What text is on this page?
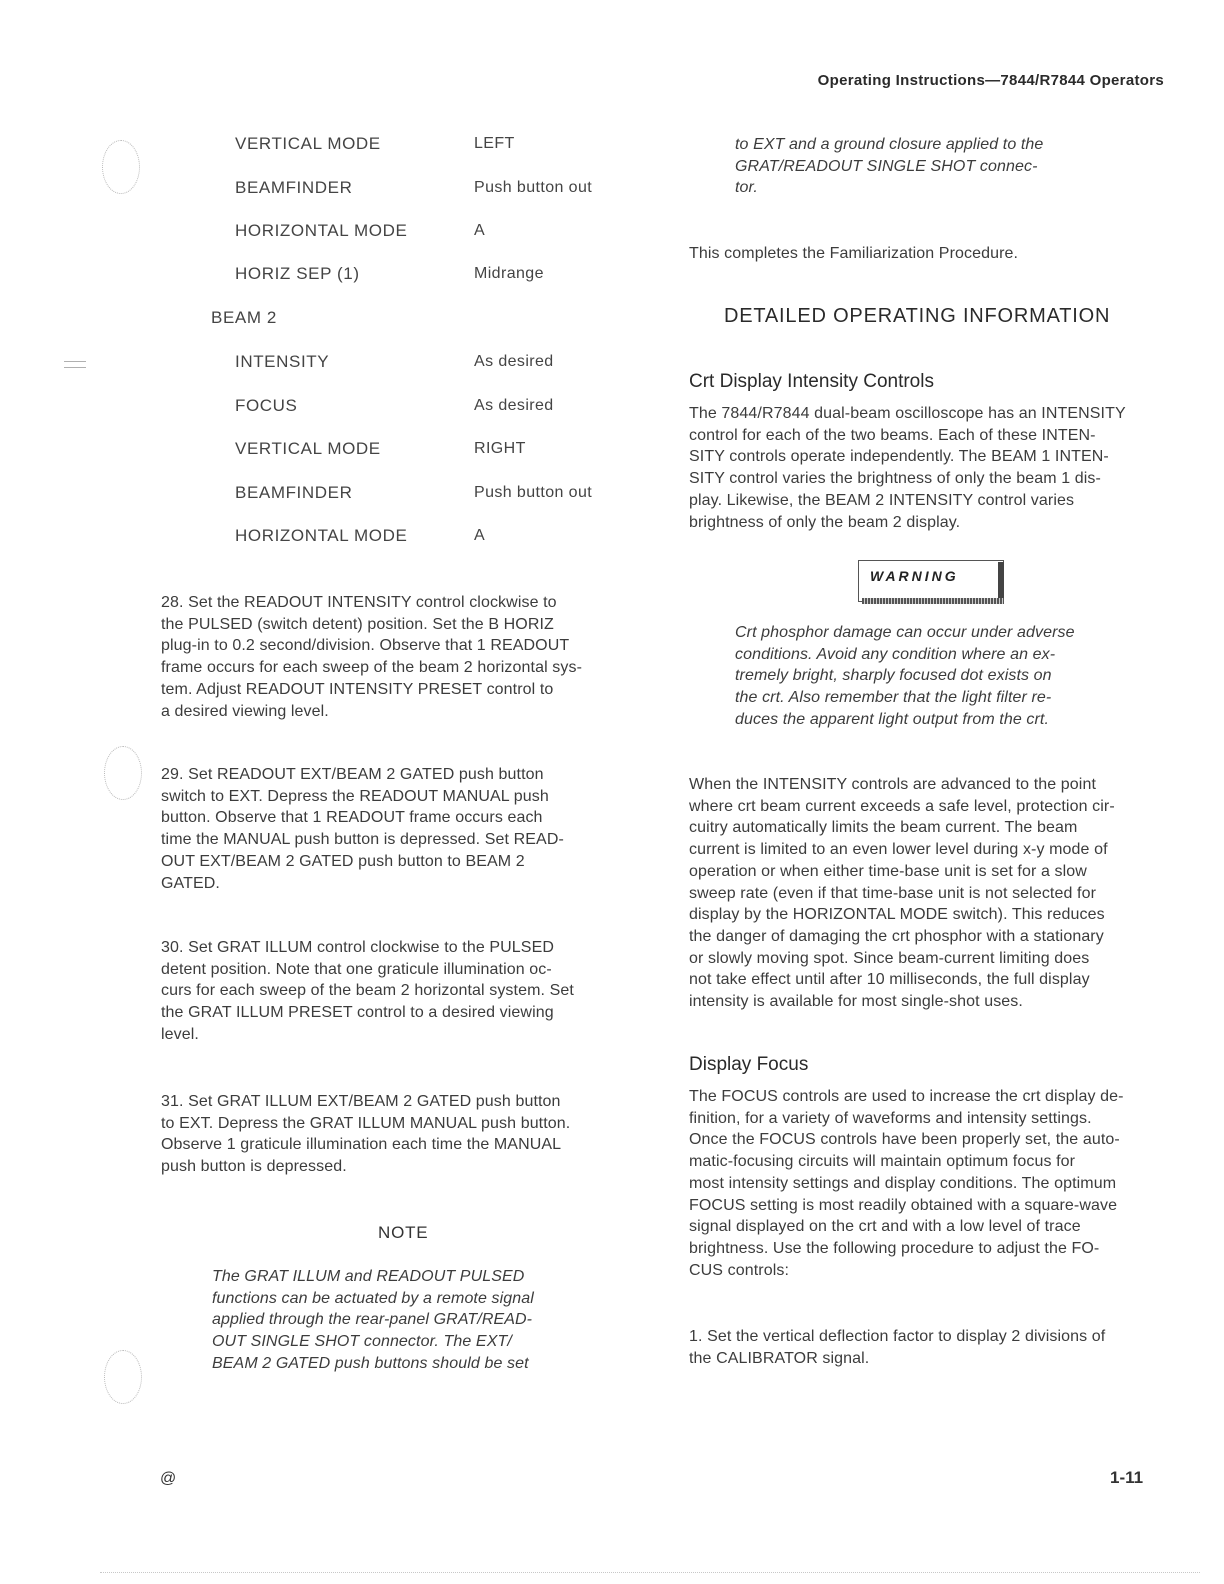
Operating Instructions—7844/R7844 Operators
VERTICAL MODE	LEFT
BEAMFINDER	Push button out
HORIZONTAL MODE	A
HORIZ SEP (1)	Midrange
BEAM 2
INTENSITY	As desired
FOCUS	As desired
VERTICAL MODE	RIGHT
BEAMFINDER	Push button out
HORIZONTAL MODE	A
28. Set the READOUT INTENSITY control clockwise to
the PULSED (switch detent) position. Set the B HORIZ
plug-in to 0.2 second/division. Observe that 1 READOUT
frame occurs for each sweep of the beam 2 horizontal sys-
tem. Adjust READOUT INTENSITY PRESET control to
a desired viewing level.
29. Set READOUT EXT/BEAM 2 GATED push button
switch to EXT. Depress the READOUT MANUAL push
button. Observe that 1 READOUT frame occurs each
time the MANUAL push button is depressed. Set READ-
OUT EXT/BEAM 2 GATED push button to BEAM 2
GATED.
30. Set GRAT ILLUM control clockwise to the PULSED
detent position. Note that one graticule illumination oc-
curs for each sweep of the beam 2 horizontal system. Set
the GRAT ILLUM PRESET control to a desired viewing
level.
31. Set GRAT ILLUM EXT/BEAM 2 GATED push button
to EXT. Depress the GRAT ILLUM MANUAL push button.
Observe 1 graticule illumination each time the MANUAL
push button is depressed.
NOTE
The GRAT ILLUM and READOUT PULSED
functions can be actuated by a remote signal
applied through the rear-panel GRAT/READ-
OUT SINGLE SHOT connector. The EXT/
BEAM 2 GATED push buttons should be set
to EXT and a ground closure applied to the
GRAT/READOUT SINGLE SHOT connec-
tor.
This completes the Familiarization Procedure.
DETAILED OPERATING INFORMATION
Crt Display Intensity Controls
The 7844/R7844 dual-beam oscilloscope has an INTENSITY
control for each of the two beams. Each of these INTEN-
SITY controls operate independently. The BEAM 1 INTEN-
SITY control varies the brightness of only the beam 1 dis-
play. Likewise, the BEAM 2 INTENSITY control varies
brightness of only the beam 2 display.
WARNING
Crt phosphor damage can occur under adverse
conditions. Avoid any condition where an ex-
tremely bright, sharply focused dot exists on
the crt. Also remember that the light filter re-
duces the apparent light output from the crt.
When the INTENSITY controls are advanced to the point
where crt beam current exceeds a safe level, protection cir-
cuitry automatically limits the beam current. The beam
current is limited to an even lower level during x-y mode of
operation or when either time-base unit is set for a slow
sweep rate (even if that time-base unit is not selected for
display by the HORIZONTAL MODE switch). This reduces
the danger of damaging the crt phosphor with a stationary
or slowly moving spot. Since beam-current limiting does
not take effect until after 10 milliseconds, the full display
intensity is available for most single-shot uses.
Display Focus
The FOCUS controls are used to increase the crt display de-
finition, for a variety of waveforms and intensity settings.
Once the FOCUS controls have been properly set, the auto-
matic-focusing circuits will maintain optimum focus for
most intensity settings and display conditions. The optimum
FOCUS setting is most readily obtained with a square-wave
signal displayed on the crt and with a low level of trace
brightness. Use the following procedure to adjust the FO-
CUS controls:
1. Set the vertical deflection factor to display 2 divisions of
the CALIBRATOR signal.
@	1-11
